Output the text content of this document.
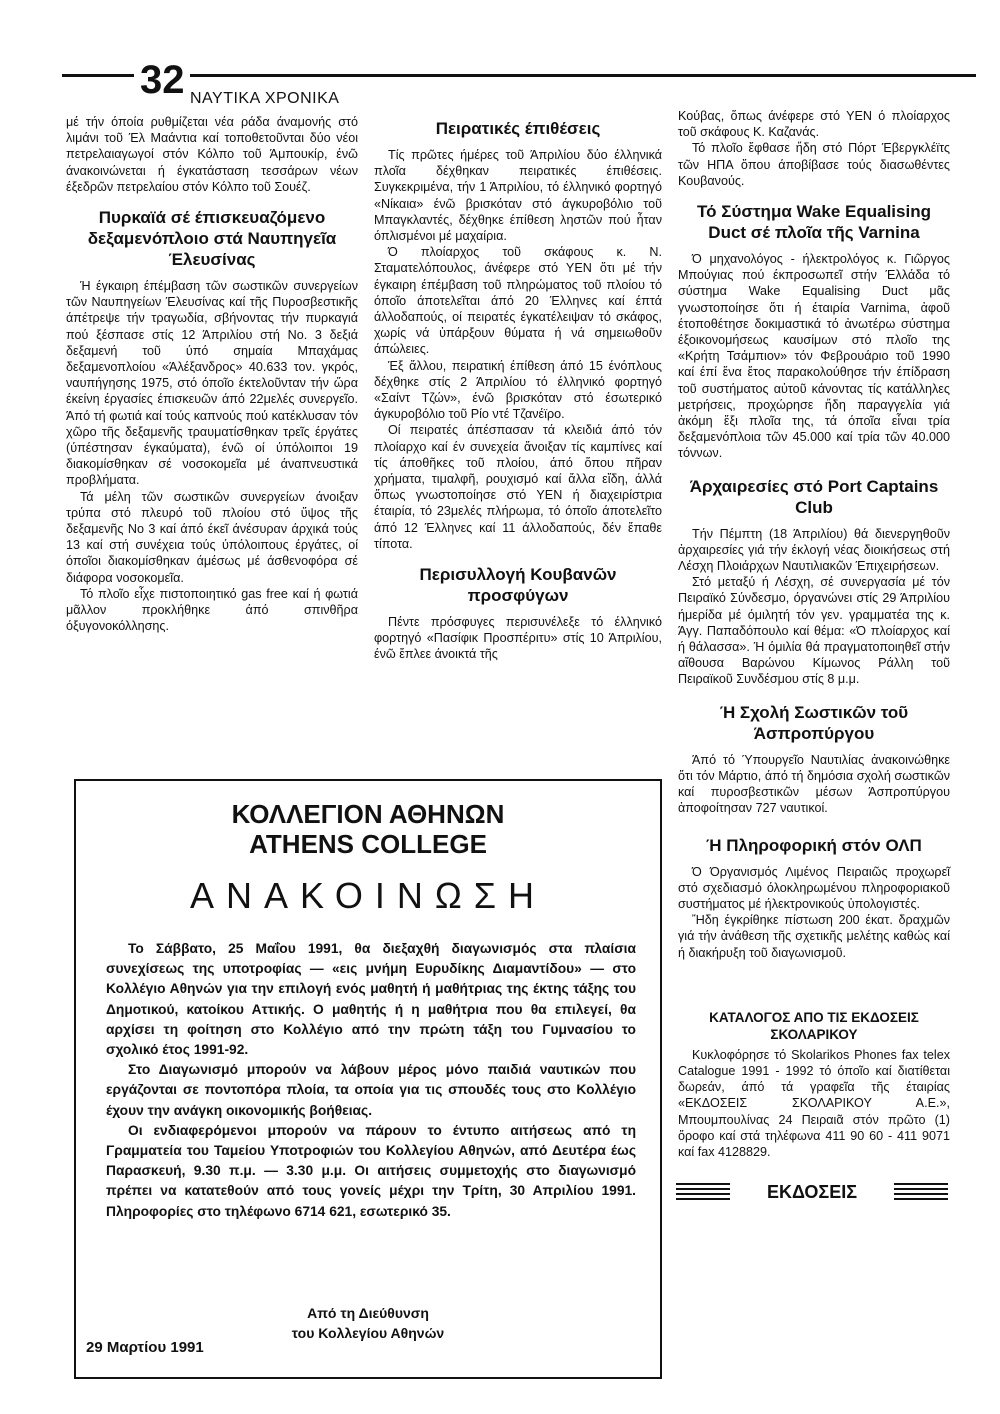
32 ΝΑΥΤΙΚΑ ΧΡΟΝΙΚΑ

μέ τήν όποία ρυθμίζεται νέα ράδα άναμονής στό λιμάνι τοῦ Έλ Μαάντια καί τοποθετοῦνται δύο νέοι πετρελαιαγωγοί στόν Κόλπο τοῦ Άμπουκίρ, ένῶ άνακοινώνεται ή έγκατάσταση τεσσάρων νέων έξεδρῶν πετρελαίου στόν Κόλπο τοῦ Σουέζ.

Πυρκαϊά σέ έπισκευαζόμενο δεξαμενόπλοιο στά Ναυπηγεῖα Έλευσίνας

Ή έγκαιρη έπέμβαση τῶν σωστικῶν συνεργείων τῶν Ναυπηγείων Έλευσίνας καί τῆς Πυροσβεστικῆς άπέτρεψε τήν τραγωδία, σβήνοντας τήν πυρκαγιά πού ξέσπασε στίς 12 Άπριλίου στή Νο. 3 δεξιά δεξαμενή τοῦ ύπό σημαία Μπαχάμας δεξαμενοπλοίου «Άλέξανδρος» 40.633 τον. γκρός, ναυπήγησης 1975, στό όποῖο έκτελοῦνταν τήν ὥρα έκείνη έργασίες έπισκευῶν άπό 22μελές συνεργεῖο. Άπό τή φωτιά καί τούς καπνούς πού κατέκλυσαν τόν χῶρο τῆς δεξαμενῆς τραυματίσθηκαν τρεῖς έργάτες (ύπέστησαν έγκαύματα), ένῶ οί ύπόλοιποι 19 διακομίσθηκαν σέ νοσοκομεῖα μέ άναπνευστικά προβλήματα.

Τά μέλη τῶν σωστικῶν συνεργείων άνοιξαν τρύπα στό πλευρό τοῦ πλοίου στό ὕψος τῆς δεξαμενῆς Νο 3 καί άπό έκεῖ άνέσυραν άρχικά τούς 13 καί στή συνέχεια τούς ύπόλοιπους έργάτες, οί όποῖοι διακομίσθηκαν άμέσως μέ άσθενοφόρα σέ διάφορα νοσοκομεῖα.

Τό πλοῖο εἶχε πιστοποιητικό gas free καί ή φωτιά μᾶλλον προκλήθηκε άπό σπινθῆρα όξυγονοκόλλησης.

Πειρατικές έπιθέσεις

Τίς πρῶτες ήμέρες τοῦ Άπριλίου δύο έλληνικά πλοῖα δέχθηκαν πειρατικές έπιθέσεις. Συγκεκριμένα, τήν 1 Άπριλίου, τό έλληνικό φορτηγό «Νίκαια» ένῶ βρισκόταν στό άγκυροβόλιο τοῦ Μπαγκλαντές, δέχθηκε έπίθεση ληστῶν πού ἦταν όπλισμένοι μέ μαχαίρια.

Ό πλοίαρχος τοῦ σκάφους κ. Ν. Σταματελόπουλος, άνέφερε στό ΥΕΝ ὅτι μέ τήν έγκαιρη έπέμβαση τοῦ πληρώματος τοῦ πλοίου τό όποῖο άποτελεῖται άπό 20 Έλληνες καί έπτά άλλοδαπούς, οί πειρατές έγκατέλειψαν τό σκάφος, χωρίς νά ὑπάρξουν θύματα ή νά σημειωθοῦν άπώλειες.

Έξ ἄλλου, πειρατική έπίθεση άπό 15 ένόπλους δέχθηκε στίς 2 Άπριλίου τό έλληνικό φορτηγό «Σαίντ Τζών», ένῶ βρισκόταν στό έσωτερικό άγκυροβόλιο τοῦ Ρίο ντέ Τζανέϊρο.

Οί πειρατές άπέσπασαν τά κλειδιά άπό τόν πλοίαρχο καί έν συνεχεία ἄνοιξαν τίς καμπίνες καί τίς άποθῆκες τοῦ πλοίου, άπό ὅπου πῆραν χρήματα, τιμαλφῆ, ρουχισμό καί ἄλλα εἴδη, άλλά ὅπως γνωστοποίησε στό ΥΕΝ ή διαχειρίστρια έταιρία, τό 23μελές πλήρωμα, τό όποῖο άποτελεῖτο άπό 12 Έλληνες καί 11 άλλοδαπούς, δέν ἔπαθε τίποτα.

Περισυλλογή Κουβανῶν προσφύγων

Πέντε πρόσφυγες περισυνέλεξε τό έλληνικό φορτηγό «Πασίφικ Προσπέριτυ» στίς 10 Άπριλίου, ένῶ ἔπλεε άνοικτά τῆς

Κούβας, ὅπως άνέφερε στό ΥΕΝ ό πλοίαρχος τοῦ σκάφους Κ. Καζανάς.

Τό πλοῖο ἔφθασε ἤδη στό Πόρτ Έβεργκλέϊτς τῶν ΗΠΑ ὅπου άποβίβασε τούς διασωθέντες Κουβανούς.

Τό Σύστημα Wake Equalising Duct σέ πλοῖα τῆς Varnina

Ό μηχανολόγος - ήλεκτρολόγος κ. Γιῶργος Μπούγιας πού έκπροσωπεῖ στήν Έλλάδα τό σύστημα Wake Equalising Duct μᾶς γνωστοποίησε ὅτι ή έταιρία Varnima, ἀφοῦ έτοποθέτησε δοκιμαστικά τό ἀνωτέρω σύστημα έξοικονομήσεως καυσίμων στό πλοῖο της «Κρήτη Τσάμπιον» τόν Φεβρουάριο τοῦ 1990 καί έπί ἕνα ἔτος παρακολούθησε τήν έπίδραση τοῦ συστήματος αὐτοῦ κάνοντας τίς κατάλληλες μετρήσεις, προχώρησε ἤδη παραγγελία γιά ἀκόμη ἕξι πλοῖα της, τά όποῖα εἶναι τρία δεξαμενόπλοια τῶν 45.000 καί τρία τῶν 40.000 τόννων.

Άρχαιρεσίες στό Port Captains Club

Τήν Πέμπτη (18 Άπριλίου) θά διενεργηθοῦν ἀρχαιρεσίες γιά τήν έκλογή νέας διοικήσεως στή Λέσχη Πλοιάρχων Ναυτιλιακῶν Έπιχειρήσεων.

Στό μεταξύ ή Λέσχη, σέ συνεργασία μέ τόν Πειραϊκό Σύνδεσμο, όργανώνει στίς 29 Άπριλίου ήμερίδα μέ όμιλητή τόν γεν. γραμματέα της κ. Άγγ. Παπαδόπουλο καί θέμα: «Ό πλοίαρχος καί ή θάλασσα». Ή όμιλία θά πραγματοποιηθεῖ στήν αἴθουσα Βαρώνου Κίμωνος Ράλλη τοῦ Πειραϊκοῦ Συνδέσμου στίς 8 μ.μ.

Ή Σχολή Σωστικῶν τοῦ Άσπροπύργου

Άπό τό Ύπουργεῖο Ναυτιλίας ἀνακοινώθηκε ὅτι τόν Μάρτιο, άπό τή δημόσια σχολή σωστικῶν καί πυροσβεστικῶν μέσων Άσπροπύργου ἀποφοίτησαν 727 ναυτικοί.

Ή Πληροφορική στόν ΟΛΠ

Ό Όργανισμός Λιμένος Πειραιῶς προχωρεῖ στό σχεδιασμό όλοκληρωμένου πληροφοριακοῦ συστήματος μέ ήλεκτρονικούς ὑπολογιστές.

Ἤδη έγκρίθηκε πίστωση 200 έκατ. δραχμῶν γιά τήν ἀνάθεση τῆς σχετικῆς μελέτης καθώς καί ή διακήρυξη τοῦ διαγωνισμοῦ.

ΚΑΤΑΛΟΓΟΣ ΑΠΟ ΤΙΣ ΕΚΔΟΣΕΙΣ ΣΚΟΛΑΡΙΚΟΥ

Κυκλοφόρησε τό Skolarikos Phones fax telex Catalogue 1991 - 1992 τό όποῖο καί διατίθεται δωρεάν, άπό τά γραφεῖα τῆς έταιρίας «ΕΚΔΟΣΕΙΣ ΣΚΟΛΑΡΙΚΟΥ Α.Ε.», Μπουμπουλίνας 24 Πειραιᾶ στόν πρῶτο (1) ὄροφο καί στά τηλέφωνα 411 90 60 - 411 9071 καί fax 4128829.

ΕΚΔΟΣΕΙΣ
ΚΟΛΛΕΓΙΟΝ ΑΘΗΝΩΝ
ATHENS COLLEGE
ΑΝΑΚΟΙΝΩΣΗ

Το Σάββατο, 25 Μαΐου 1991, θα διεξαχθή διαγωνισμός στα πλαίσια συνεχίσεως της υποτροφίας — «εις μνήμη Ευρυδίκης Διαμαντίδου» — στο Κολλέγιο Αθηνών για την επιλογή ενός μαθητή ή μαθήτριας της έκτης τάξης του Δημοτικού, κατοίκου Αττικής. Ο μαθητής ή η μαθήτρια που θα επιλεγεί, θα αρχίσει τη φοίτηση στο Κολλέγιο από την πρώτη τάξη του Γυμνασίου το σχολικό έτος 1991-92.

Στο Διαγωνισμό μπορούν να λάβουν μέρος μόνο παιδιά ναυτικών που εργάζονται σε ποντοπόρα πλοία, τα οποία για τις σπουδές τους στο Κολλέγιο έχουν την ανάγκη οικονομικής βοήθειας.

Οι ενδιαφερόμενοι μπορούν να πάρουν το έντυπο αιτήσεως από τη Γραμματεία του Ταμείου Υποτροφιών του Κολλεγίου Αθηνών, από Δευτέρα έως Παρασκευή, 9.30 π.μ. — 3.30 μ.μ. Οι αιτήσεις συμμετοχής στο διαγωνισμό πρέπει να κατατεθούν από τους γονείς μέχρι την Τρίτη, 30 Απριλίου 1991. Πληροφορίες στο τηλέφωνο 6714 621, εσωτερικό 35.

Από τη Διεύθυνση
του Κολλεγίου Αθηνών
29 Μαρτίου 1991
